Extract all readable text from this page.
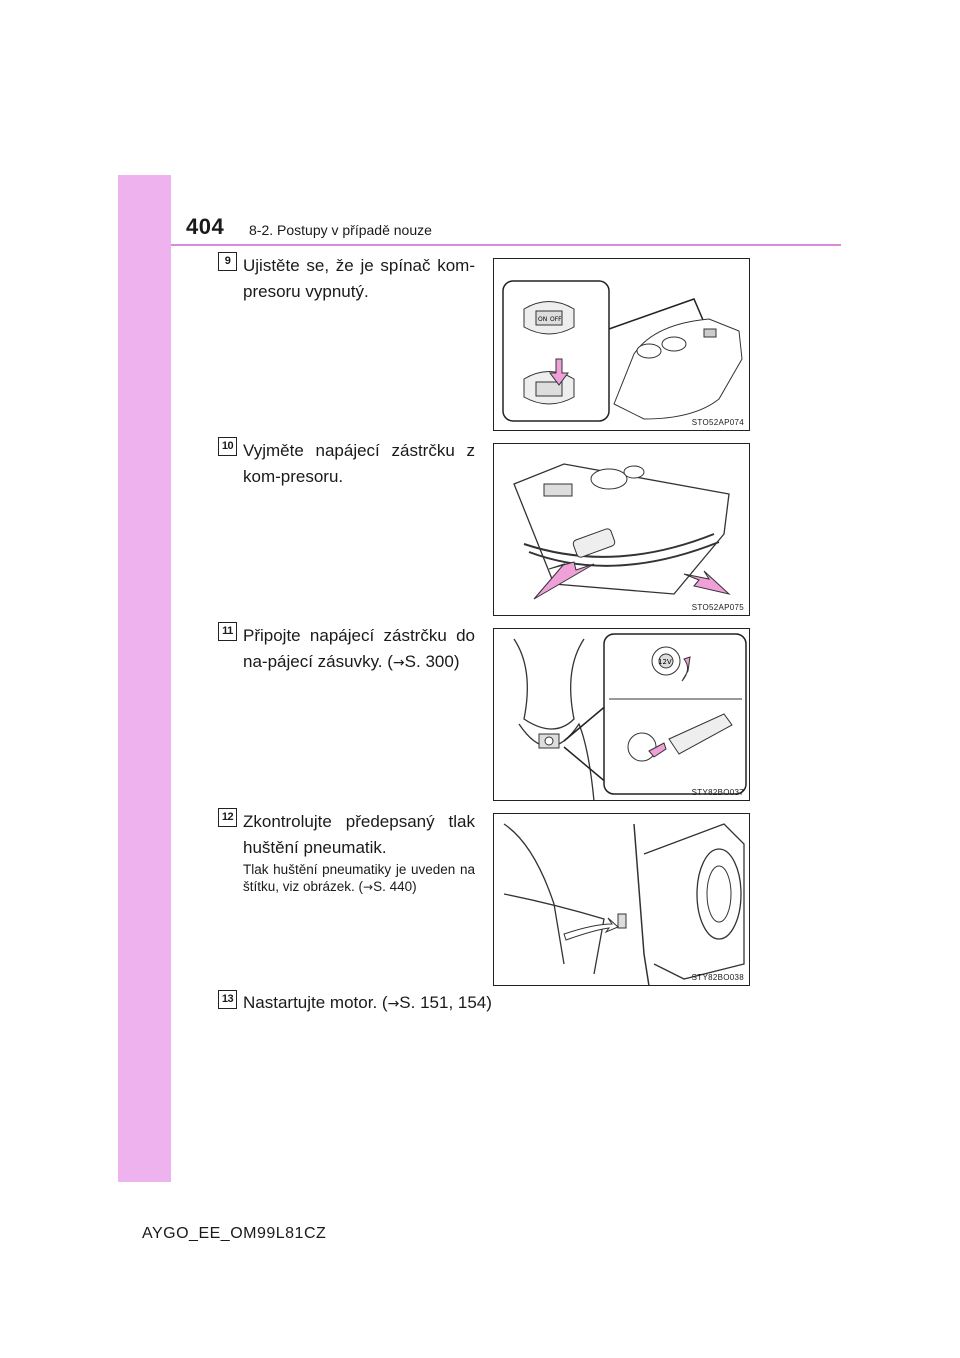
404 8-2. Postupy v případě nouze
9 Ujistěte se, že je spínač kom-presoru vypnutý.
ON OFF
STO52AP074
10 Vyjměte napájecí zástrčku z kom-presoru.
STO52AP075
11 Připojte napájecí zástrčku do na-pájecí zásuvky. (→S. 300)	12V
STY82BO037
12 Zkontrolujte předepsaný tlak huštění pneumatik.
Tlak huštění pneumatiky je uveden na štítku, viz obrázek. (→S. 440)
STY82BO038
13 Nastartujte motor. (→S. 151, 154)
AYGO_EE_OM99L81CZ
